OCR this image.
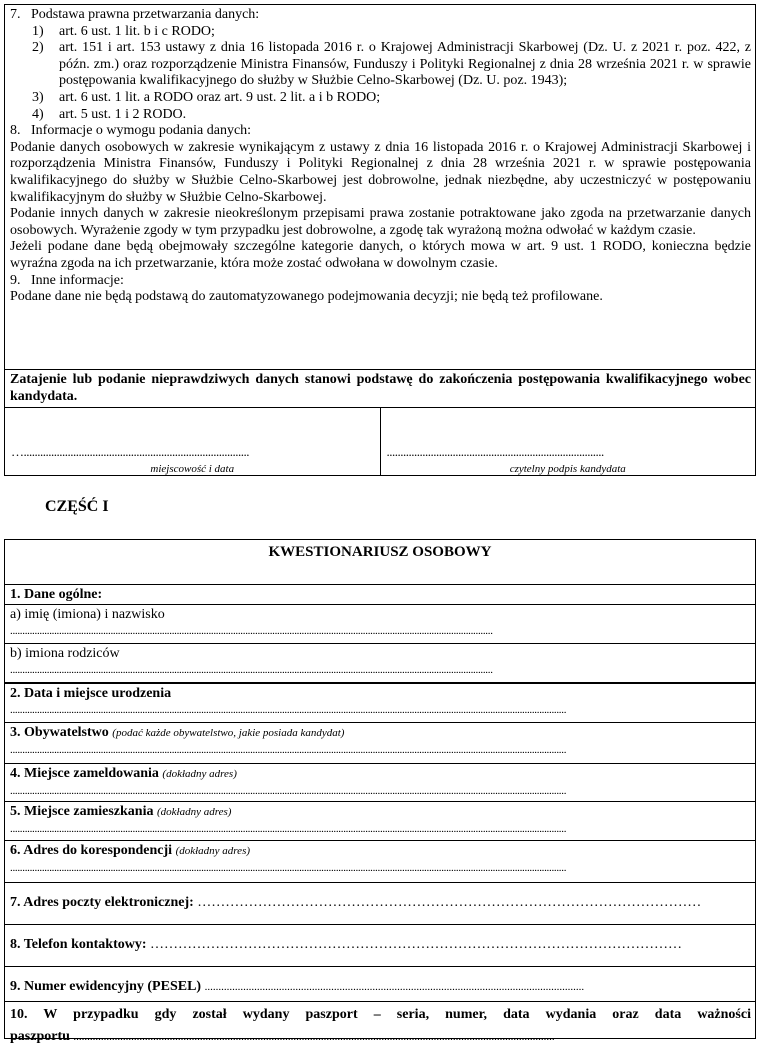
7.   Podstawa prawna przetwarzania danych:

1)	art. 6 ust. 1 lit. b i c RODO;
2)	art. 151 i art. 153 ustawy z dnia 16 listopada 2016 r. o Krajowej Administracji Skarbowej (Dz. U. z 2021 r. poz. 422, z późn. zm.) oraz rozporządzenie Ministra Finansów, Funduszy i Polityki Regionalnej z dnia 28 września 2021 r. w sprawie postępowania kwalifikacyjnego do służby w Służbie Celno-Skarbowej (Dz. U. poz. 1943);
3)	art. 6 ust. 1 lit. a RODO oraz art. 9 ust. 2 lit. a i b RODO;
4)	art. 5 ust. 1 i 2 RODO.
8. Informacje o wymogu podania danych:

Podanie danych osobowych w zakresie wynikającym z ustawy z dnia 16 listopada 2016 r. o Krajowej Administracji Skarbowej i rozporządzenia Ministra Finansów, Funduszy i Polityki Regionalnej z dnia 28 września 2021 r. w sprawie postępowania kwalifikacyjnego do służby w Służbie Celno-Skarbowej jest dobrowolne, jednak niezbędne, aby uczestniczyć w postępowaniu kwalifikacyjnym do służby w Służbie Celno-Skarbowej.

Podanie innych danych w zakresie nieokreślonym przepisami prawa zostanie potraktowane jako zgoda na przetwarzanie danych osobowych. Wyrażenie zgody w tym przypadku jest dobrowolne, a zgodę tak wyrażoną można odwołać w każdym czasie.

Jeżeli podane dane będą obejmowały szczególne kategorie danych, o których mowa w art. 9 ust. 1 RODO, konieczna będzie wyraźna zgoda na ich przetwarzanie, która może zostać odwołana w dowolnym czasie.

9. Inne informacje:

Podane dane nie będą podstawą do zautomatyzowanego podejmowania decyzji; nie będą też profilowane.

Zatajenie lub podanie nieprawdziwych danych stanowi podstawę do zakończenia postępowania kwalifikacyjnego wobec kandydata.
…..................................................................................
miejscowość i data
...............................................................................
czytelny podpis kandydata
CZĘŚĆ I
KWESTIONARIUSZ OSOBOWY
1. Dane ogólne:
a) imię (imiona) i nazwisko
.....................................................................................................................................................................................................
b) imiona rodziców
.....................................................................................................................................................................................................
2. Data i miejsce urodzenia
...................................................................................................................................................................................................................................
3. Obywatelstwo (podać każde obywatelstwo, jakie posiada kandydat)
...................................................................................................................................................................................................................................
4. Miejsce zameldowania (dokładny adres)
...................................................................................................................................................................................................................................
5. Miejsce zamieszkania (dokładny adres)
...................................................................................................................................................................................................................................
6. Adres do korespondencji (dokładny adres)
...................................................................................................................................................................................................................................
7. Adres poczty elektronicznej: ………………………………………………………………………………………………
8. Telefon kontaktowy: ……………………………………………………………………………………………………
9. Numer ewidencyjny (PESEL) ..........................................................................................................................................
10. W przypadku gdy został wydany paszport – seria, numer, data wydania oraz data ważności
paszportu ...............................................................................................................................................................................
